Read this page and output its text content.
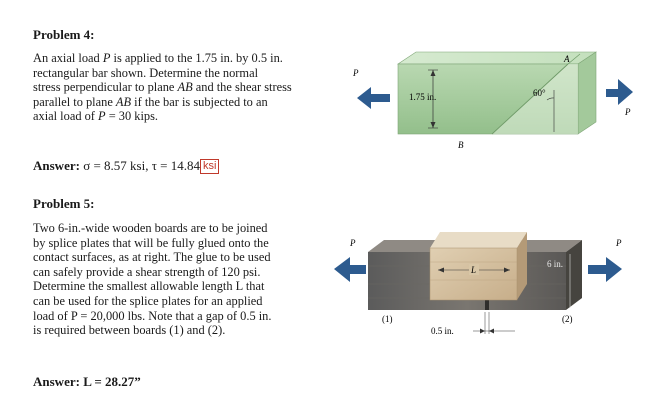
Problem 4:
An axial load P is applied to the 1.75 in. by 0.5 in.
rectangular bar shown. Determine the normal
stress perpendicular to plane AB and the shear stress
parallel to plane AB if the bar is subjected to an
axial load of P = 30 kips.
Answer: σ = 8.57 ksi, τ = 14.84 ksi
Problem 5:
Two 6-in.-wide wooden boards are to be joined
by splice plates that will be fully glued onto the
contact surfaces, as at right. The glue to be used
can safely provide a shear strength of 120 psi.
Determine the smallest allowable length L that
can be used for the splice plates for an applied
load of P = 20,000 lbs. Note that a gap of 0.5 in.
is required between boards (1) and (2).
Answer: L = 28.27”
1.75 in.	60°
A
B
P
P
L
6 in.
(1)	(2)
0.5 in.
P	P
